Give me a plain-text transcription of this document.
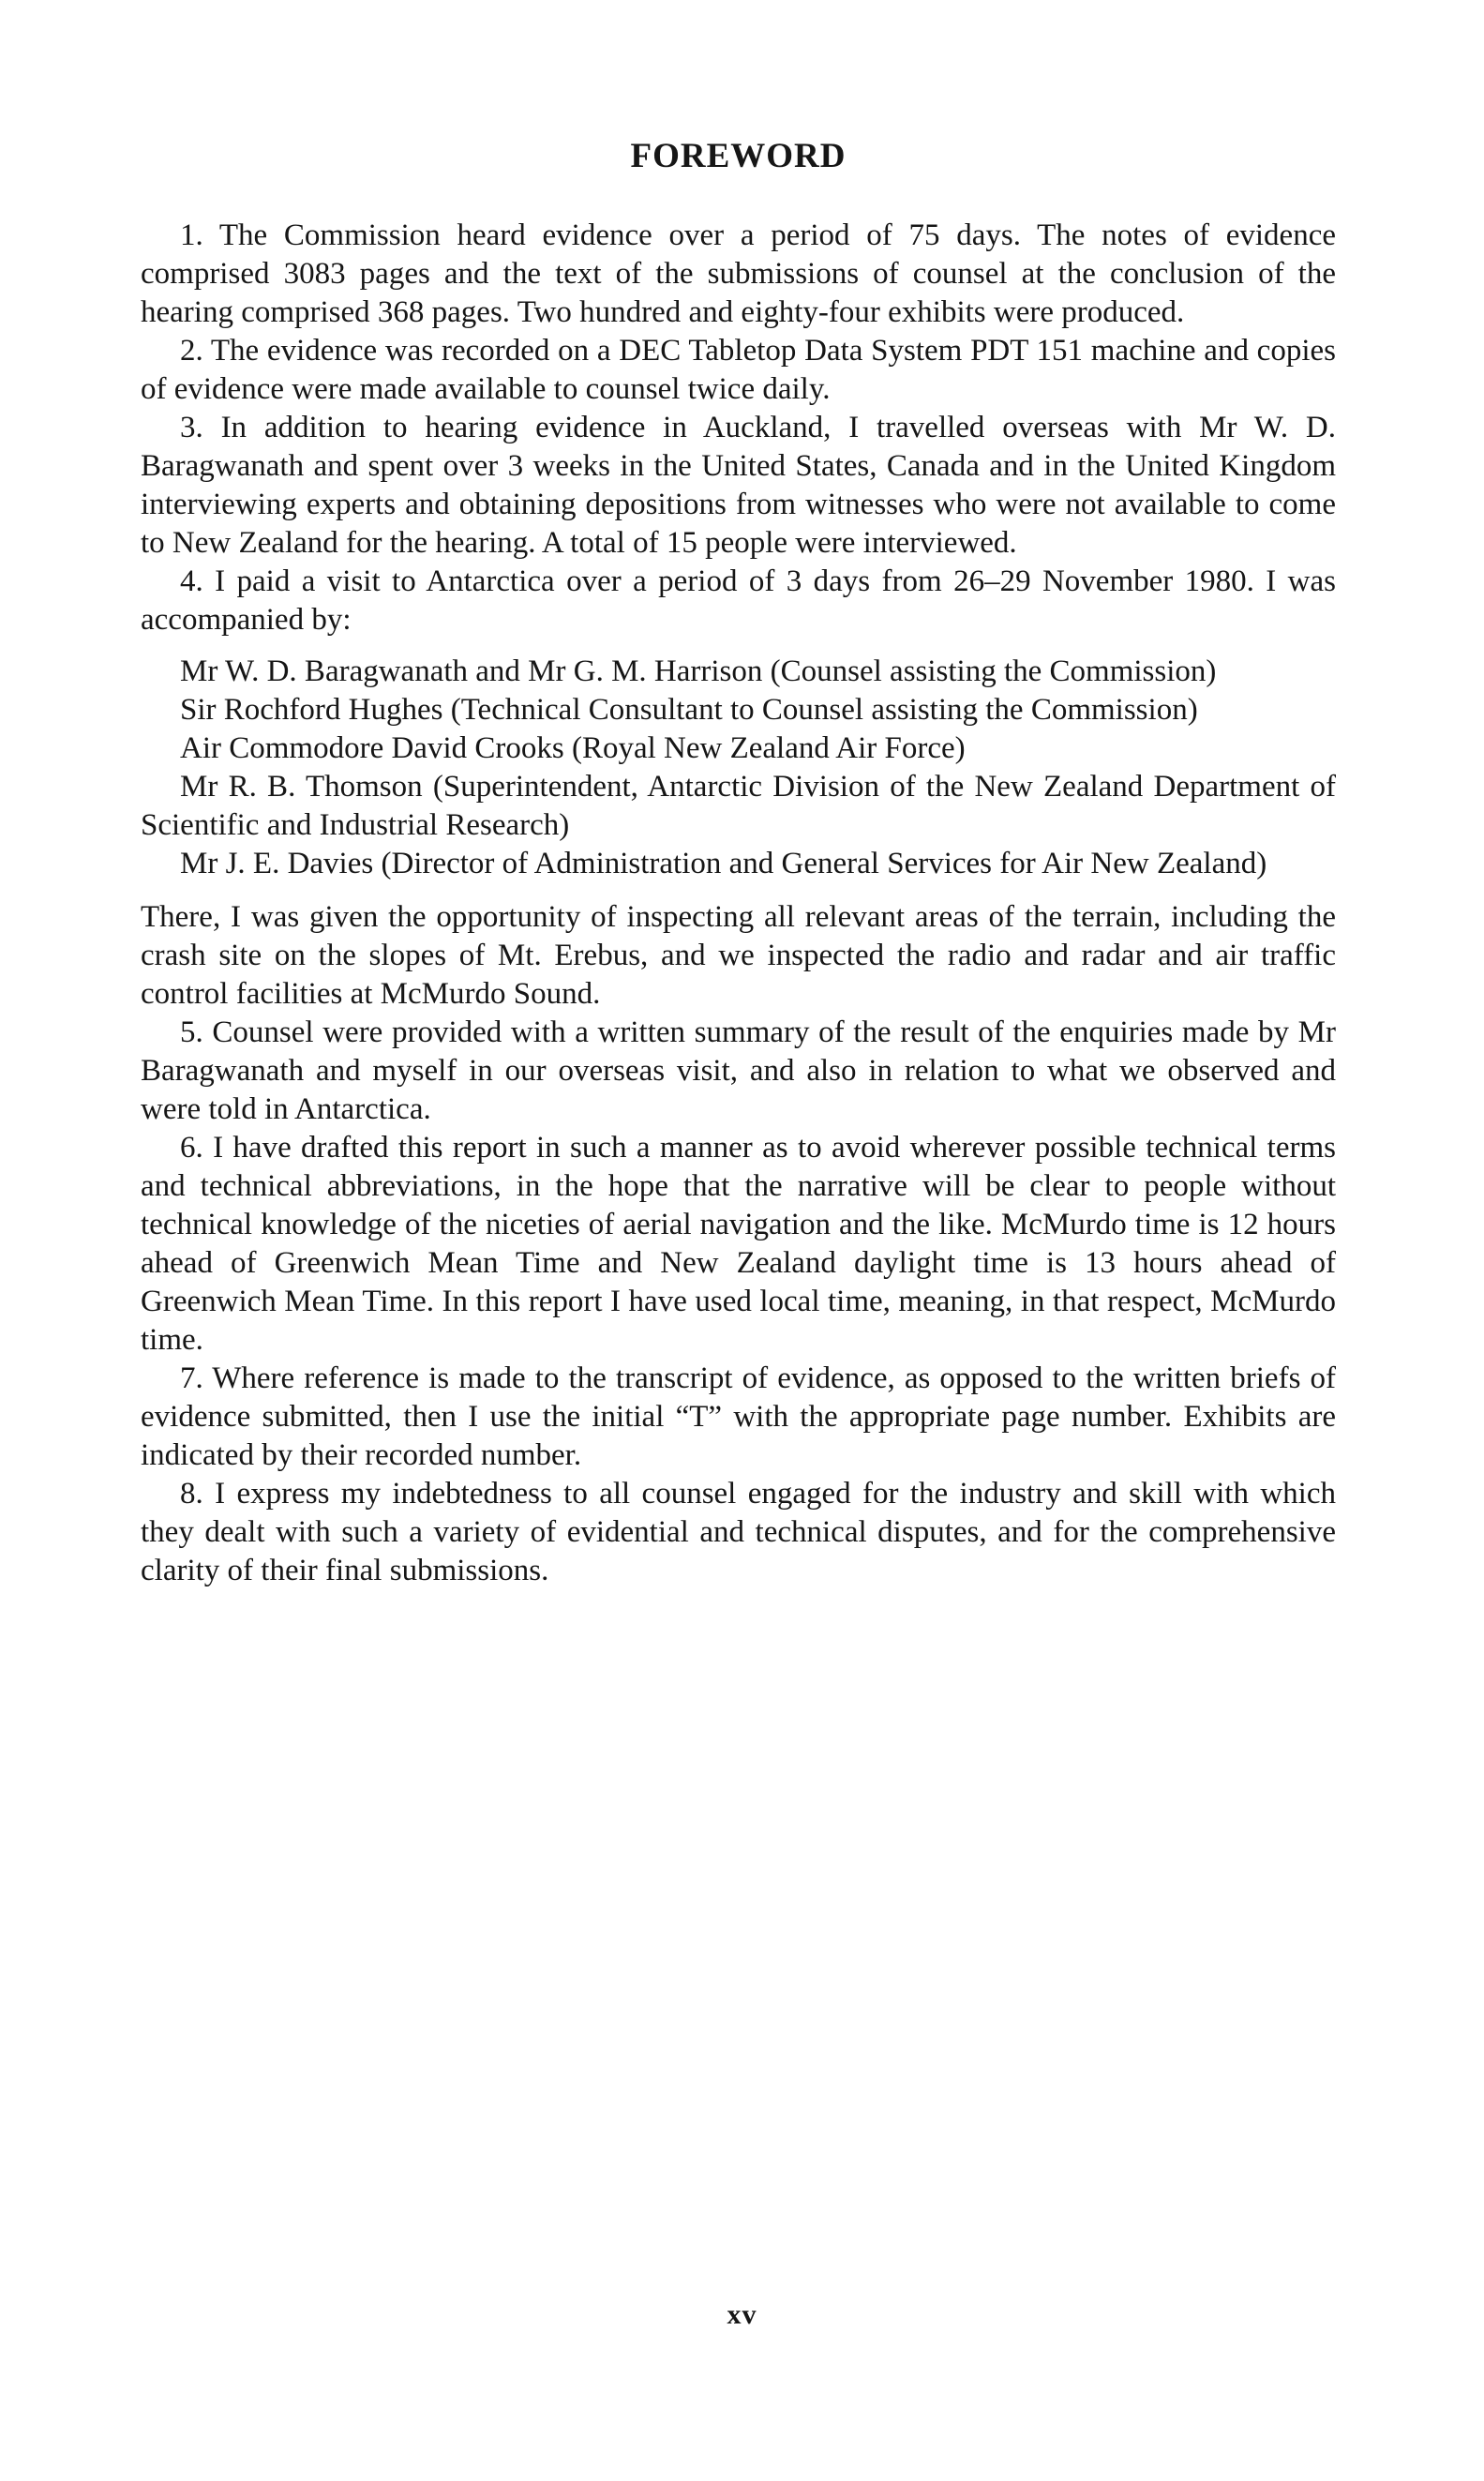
FOREWORD

1. The Commission heard evidence over a period of 75 days. The notes of evidence comprised 3083 pages and the text of the submissions of counsel at the conclusion of the hearing comprised 368 pages. Two hundred and eighty-four exhibits were produced.

2. The evidence was recorded on a DEC Tabletop Data System PDT 151 machine and copies of evidence were made available to counsel twice daily.

3. In addition to hearing evidence in Auckland, I travelled overseas with Mr W. D. Baragwanath and spent over 3 weeks in the United States, Canada and in the United Kingdom interviewing experts and obtaining depositions from witnesses who were not available to come to New Zealand for the hearing. A total of 15 people were interviewed.

4. I paid a visit to Antarctica over a period of 3 days from 26–29 November 1980. I was accompanied by:

Mr W. D. Baragwanath and Mr G. M. Harrison (Counsel assisting the Commission)

Sir Rochford Hughes (Technical Consultant to Counsel assisting the Commission)

Air Commodore David Crooks (Royal New Zealand Air Force)

Mr R. B. Thomson (Superintendent, Antarctic Division of the New Zealand Department of Scientific and Industrial Research)

Mr J. E. Davies (Director of Administration and General Services for Air New Zealand)

There, I was given the opportunity of inspecting all relevant areas of the terrain, including the crash site on the slopes of Mt. Erebus, and we inspected the radio and radar and air traffic control facilities at McMurdo Sound.

5. Counsel were provided with a written summary of the result of the enquiries made by Mr Baragwanath and myself in our overseas visit, and also in relation to what we observed and were told in Antarctica.

6. I have drafted this report in such a manner as to avoid wherever possible technical terms and technical abbreviations, in the hope that the narrative will be clear to people without technical knowledge of the niceties of aerial navigation and the like. McMurdo time is 12 hours ahead of Greenwich Mean Time and New Zealand daylight time is 13 hours ahead of Greenwich Mean Time. In this report I have used local time, meaning, in that respect, McMurdo time.

7. Where reference is made to the transcript of evidence, as opposed to the written briefs of evidence submitted, then I use the initial “T” with the appropriate page number. Exhibits are indicated by their recorded number.

8. I express my indebtedness to all counsel engaged for the industry and skill with which they dealt with such a variety of evidential and technical disputes, and for the comprehensive clarity of their final submissions.

xv
